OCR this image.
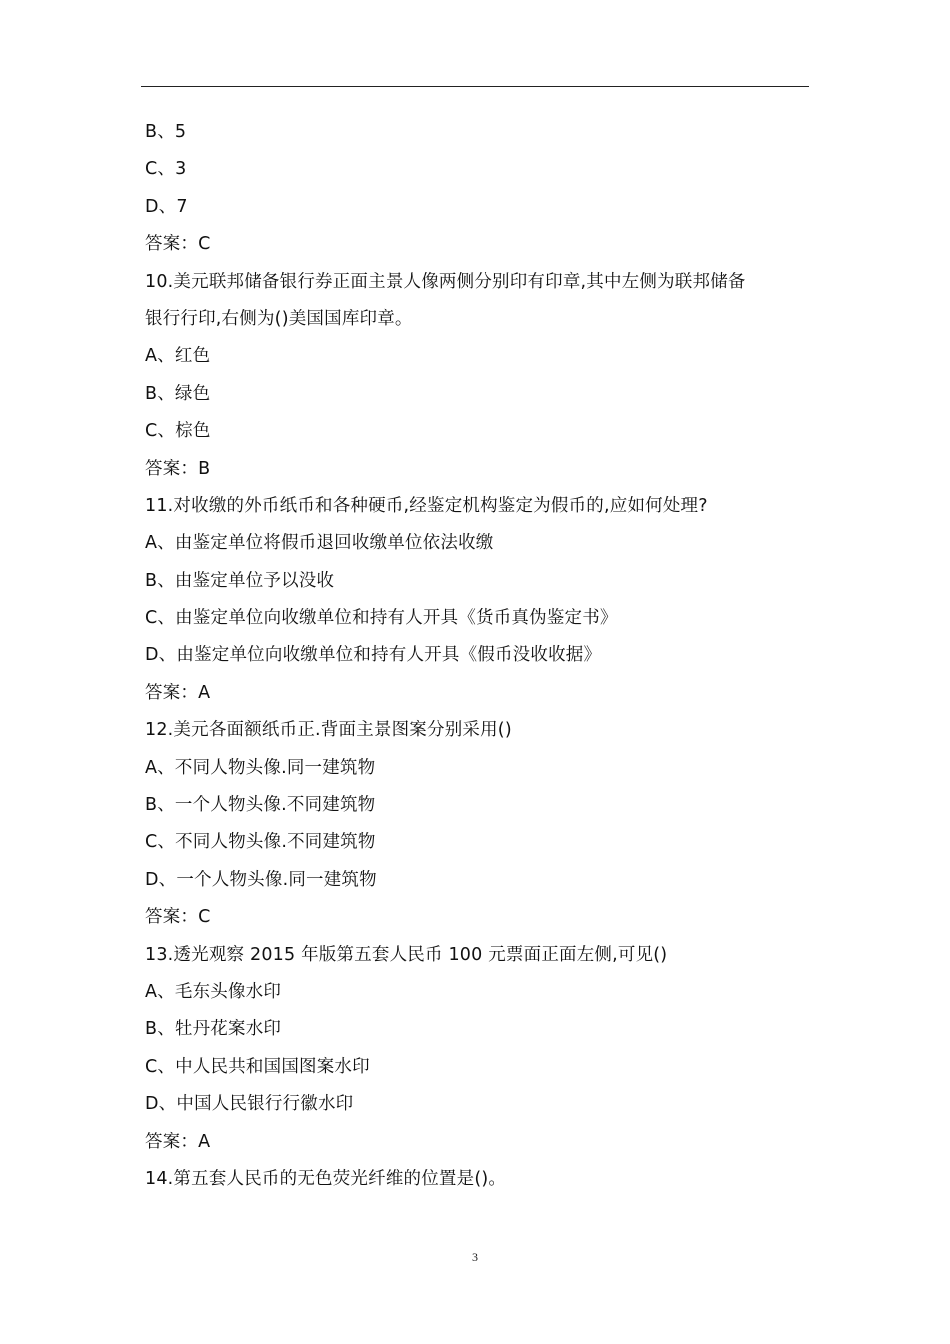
B、5
C、3
D、7
答案：C
10.美元联邦储备银行券正面主景人像两侧分别印有印章,其中左侧为联邦储备
银行行印,右侧为()美国国库印章。
A、红色
B、绿色
C、棕色
答案：B
11.对收缴的外币纸币和各种硬币,经鉴定机构鉴定为假币的,应如何处理?
A、由鉴定单位将假币退回收缴单位依法收缴
B、由鉴定单位予以没收
C、由鉴定单位向收缴单位和持有人开具《货币真伪鉴定书》
D、由鉴定单位向收缴单位和持有人开具《假币没收收据》
答案：A
12.美元各面额纸币正.背面主景图案分别采用()
A、不同人物头像.同一建筑物
B、一个人物头像.不同建筑物
C、不同人物头像.不同建筑物
D、一个人物头像.同一建筑物
答案：C
13.透光观察 2015 年版第五套人民币 100 元票面正面左侧,可见()
A、毛东头像水印
B、牡丹花案水印
C、中人民共和国国图案水印
D、中国人民银行行徽水印
答案：A
14.第五套人民币的无色荧光纤维的位置是()。
3
